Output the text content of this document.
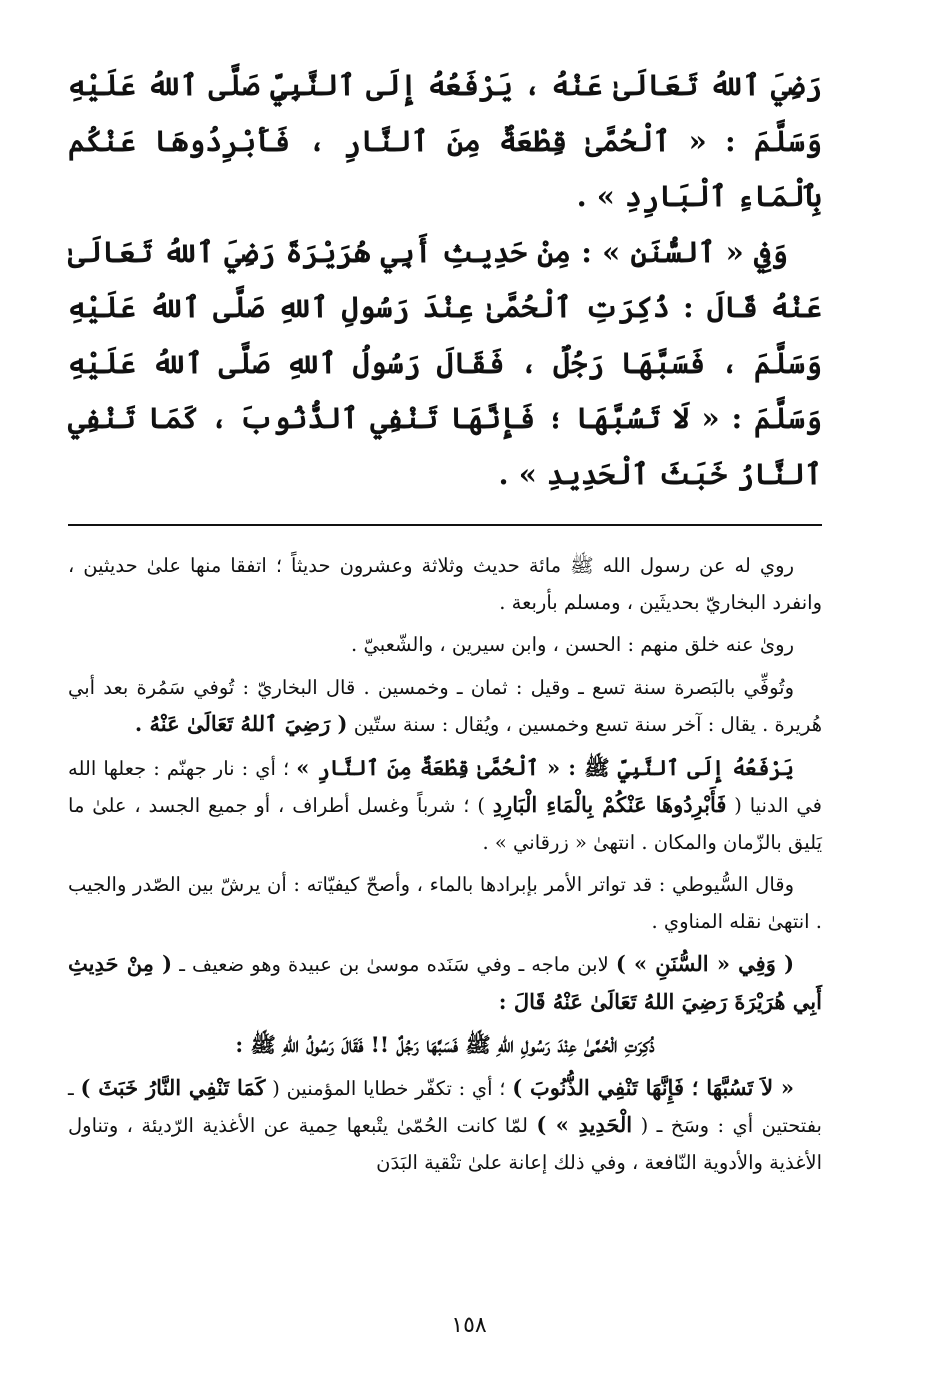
رَضِيَ ٱللهُ تَعَالَىٰ عَنْهُ ، يَرْفَعُهُ إِلَى ٱلنَّبِيِّ صَلَّى ٱللهُ عَلَيْهِ وَسَلَّمَ : « ٱلْحُمَّىٰ قِطْعَةٌ مِنَ ٱلنَّارِ ، فَأَبْرِدُوهَا عَنْكُم بِٱلْمَاءِ ٱلْبَارِدِ » .

وَفِي « ٱلسُّنَنِ » : مِنْ حَدِيثِ أَبِي هُرَيْرَةَ رَضِيَ ٱللهُ تَعَالَىٰ عَنْهُ قَالَ : ذُكِرَتِ ٱلْحُمَّىٰ عِنْدَ رَسُولِ ٱللهِ صَلَّى ٱللهُ عَلَيْهِ وَسَلَّمَ ، فَسَبَّهَا رَجُلٌ ، فَقَالَ رَسُولُ ٱللهِ صَلَّى ٱللهُ عَلَيْهِ وَسَلَّمَ : « لَا تَسُبَّهَا ؛ فَإِنَّهَا تَنْفِي ٱلذُّنُوبَ ، كَمَا تَنْفِي ٱلنَّارُ خَبَثَ ٱلْحَدِيدِ » .

روي له عن رسول الله ﷺ مائة حديث وثلاثة وعشرون حديثاً ؛ اتفقا منها علىٰ حديثين ، وانفرد البخاريّ بحديثَين ، ومسلم بأربعة .

رویٰ عنه خلق منهم : الحسن ، وابن سيرين ، والشّعبيّ .

وتُوفِّي بالبَصرة سنة تسع ـ وقيل : ثمان ـ وخمسين . قال البخاريّ : تُوفي سَمُرة بعد أبي هُريرة . يقال : آخر سنة تسع وخمسين ، ويُقال : سنة ستّين ( رَضِيَ ٱللهُ تَعَالَىٰ عَنْهُ .

يَرْفَعُهُ إِلَى ٱلنَّبِيِّ ﷺ : « ٱلْحُمَّىٰ قِطْعَةٌ مِنَ ٱلنَّارِ » ؛ أي : نار جهنّم : جعلها الله في الدنيا ( فَأَبْرِدُوهَا عَنْكُمْ بِالْمَاءِ الْبَارِدِ ) ؛ شرباً وغسل أطراف ، أو جميع الجسد ، علىٰ ما يَليق بالزّمان والمكان . انتهىٰ « زرقاني » .

وقال السُّيوطي : قد تواتر الأمر بإبرادها بالماء ، وأصحّ كيفيّاته : أن يرشّ بين الصّدر والجيب . انتهىٰ نقله المناوي .

( وَفِي « السُّنَنِ » ) لابن ماجه ـ وفي سَنَده موسىٰ بن عبيدة وهو ضعيف ـ ( مِنْ حَدِيثِ أَبِي هُرَيْرَةَ رَضِيَ اللهُ تَعَالَىٰ عَنْهُ قَالَ :

ذُكِرَتِ الْحُمَّىٰ عِنْدَ رَسُولِ اللهِ ﷺ فَسَبَّهَا رَجُلٌ !! فَقَالَ رَسُولُ اللهِ ﷺ :

« لاَ تَسُبَّهَا ؛ فَإِنَّهَا تَنْفِي الذُّنُوبَ ) ؛ أي : تكفّر خطايا المؤمنين ( كَمَا تَنْفِي النَّارُ خَبَثَ ) ـ بفتحتين أي : وسَخ ـ ( الْحَدِيدِ » ) لمّا كانت الحُمّىٰ يتْبعها حِمية عن الأغذية الرّديئة ، وتناول الأغذية والأدوية النّافعة ، وفي ذلك إعانة علىٰ تنْقية البَدَن

١٥٨
